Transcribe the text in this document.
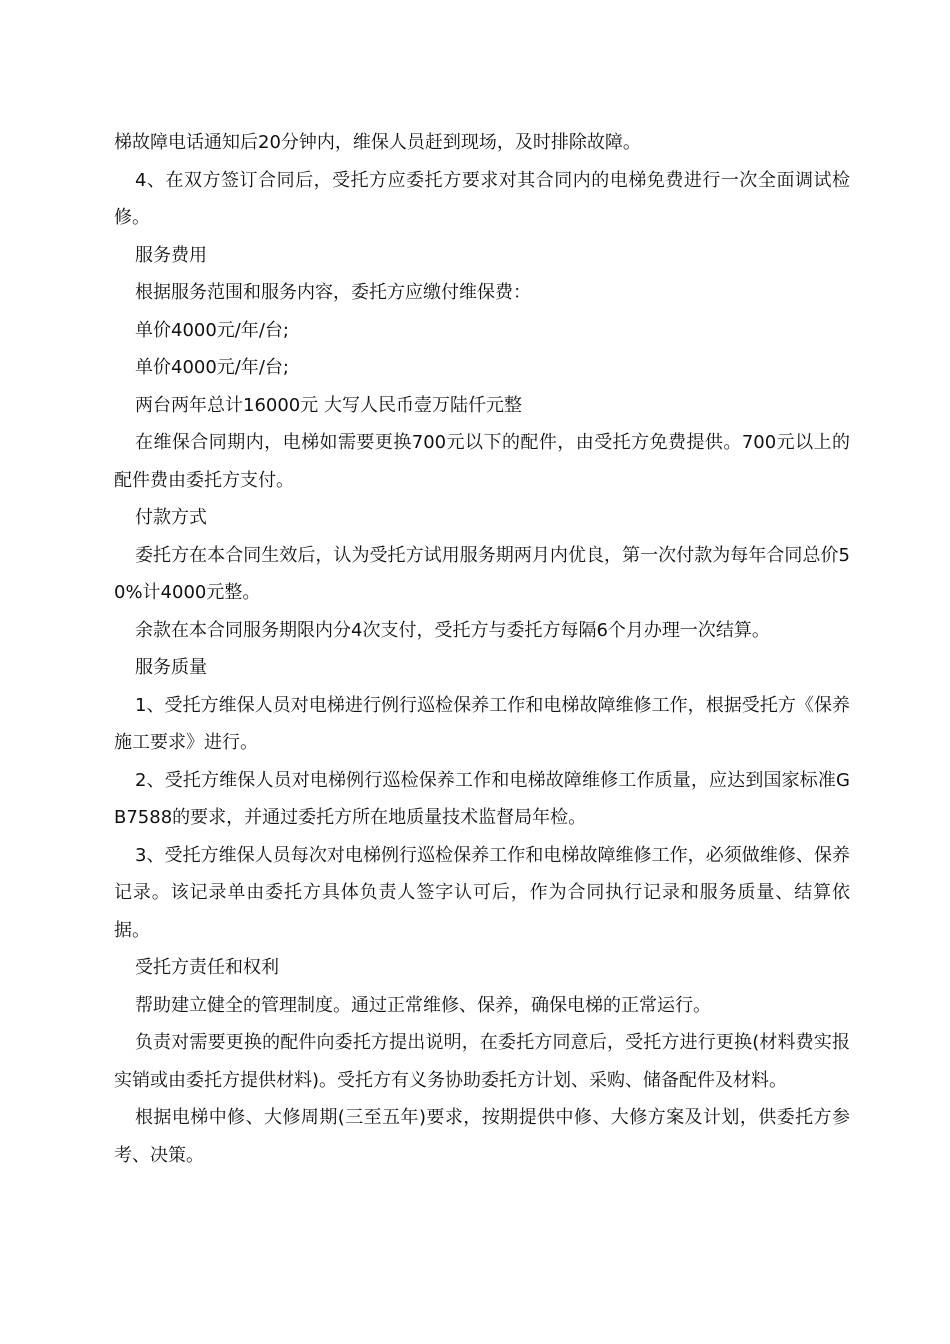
梯故障电话通知后20分钟内，维保人员赶到现场，及时排除故障。

4、在双方签订合同后，受托方应委托方要求对其合同内的电梯免费进行一次全面调试检修。

服务费用

根据服务范围和服务内容，委托方应缴付维保费：

单价4000元/年/台;

单价4000元/年/台;

两台两年总计16000元 大写人民币壹万陆仟元整

在维保合同期内，电梯如需要更换700元以下的配件，由受托方免费提供。700元以上的配件费由委托方支付。

付款方式

委托方在本合同生效后，认为受托方试用服务期两月内优良，第一次付款为每年合同总价50%计4000元整。

余款在本合同服务期限内分4次支付，受托方与委托方每隔6个月办理一次结算。

服务质量

1、受托方维保人员对电梯进行例行巡检保养工作和电梯故障维修工作，根据受托方《保养施工要求》进行。

2、受托方维保人员对电梯例行巡检保养工作和电梯故障维修工作质量，应达到国家标准GB7588的要求，并通过委托方所在地质量技术监督局年检。

3、受托方维保人员每次对电梯例行巡检保养工作和电梯故障维修工作，必须做维修、保养记录。该记录单由委托方具体负责人签字认可后，作为合同执行记录和服务质量、结算依据。

受托方责任和权利

帮助建立健全的管理制度。通过正常维修、保养，确保电梯的正常运行。

负责对需要更换的配件向委托方提出说明，在委托方同意后，受托方进行更换(材料费实报实销或由委托方提供材料)。受托方有义务协助委托方计划、采购、储备配件及材料。

根据电梯中修、大修周期(三至五年)要求，按期提供中修、大修方案及计划，供委托方参考、决策。
